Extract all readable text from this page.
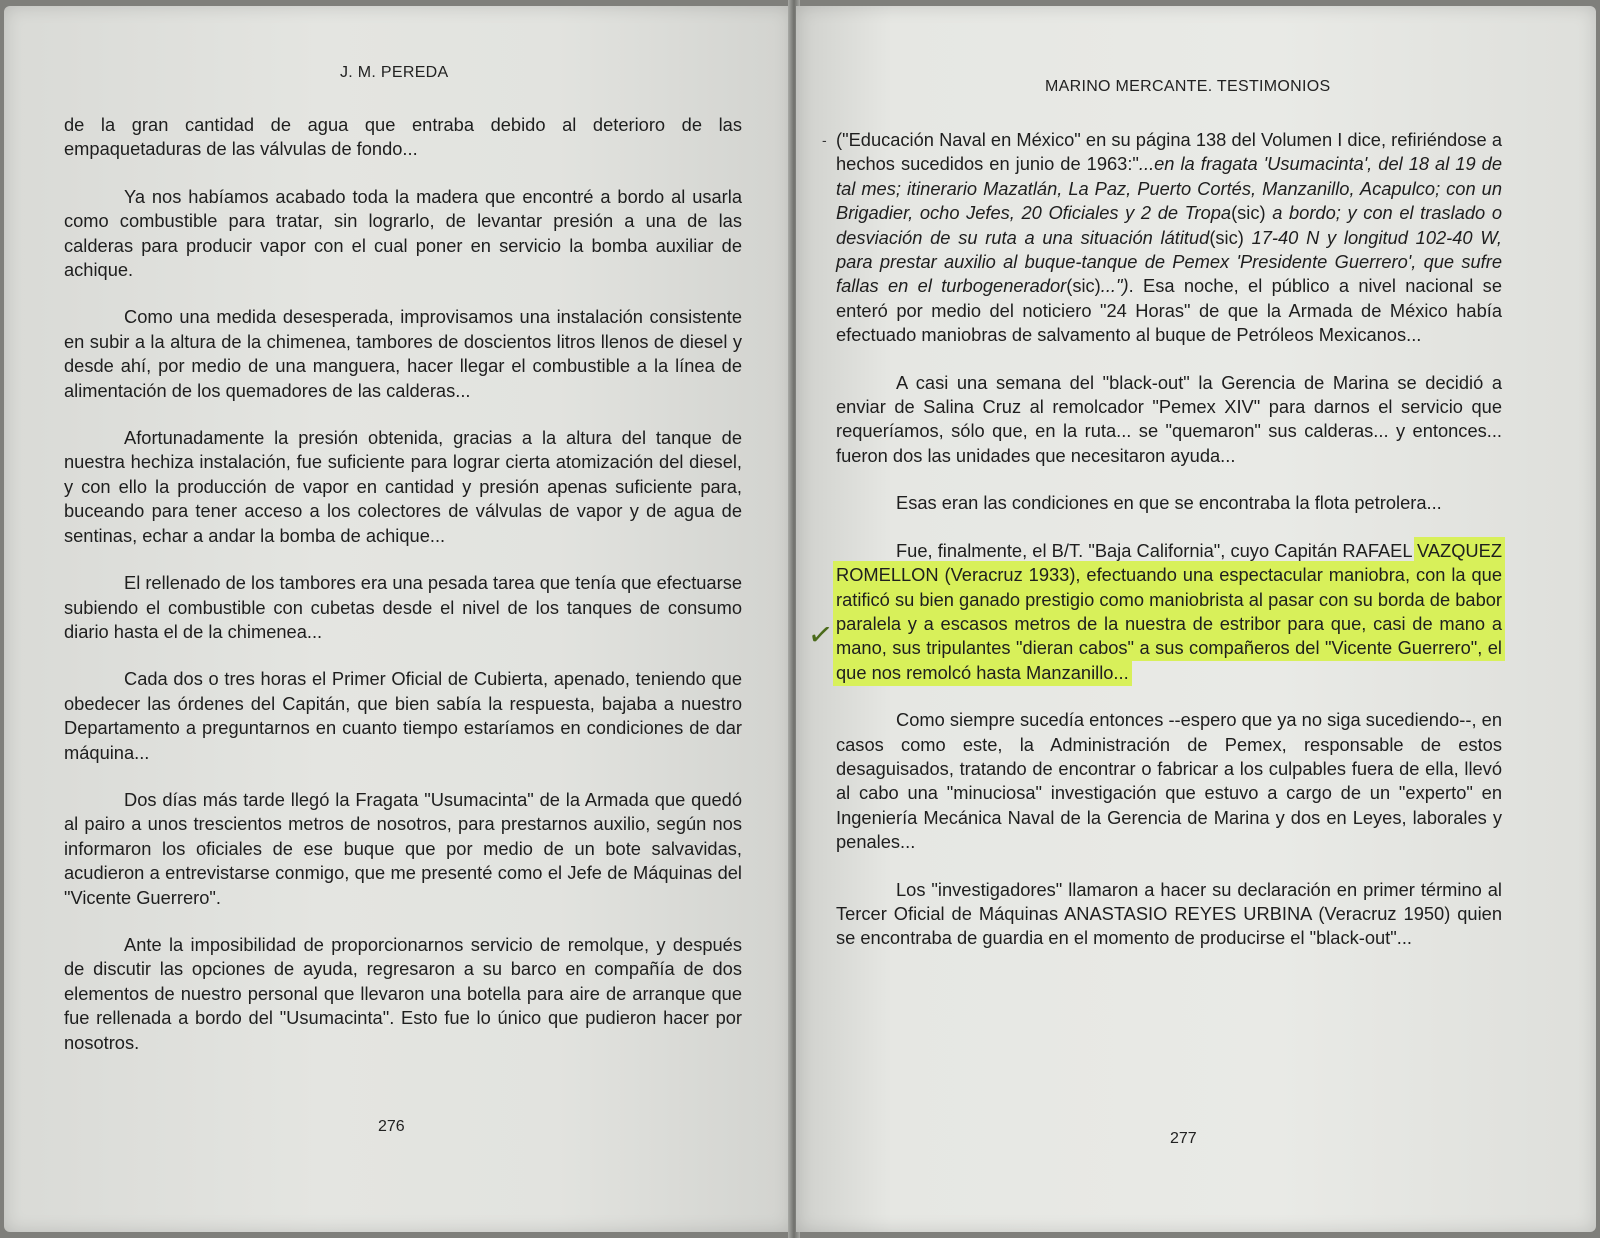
J. M. PEREDA

de la gran cantidad de agua que entraba debido al deterioro de las empaquetaduras de las válvulas de fondo...

Ya nos habíamos acabado toda la madera que encontré a bordo al usarla como combustible para tratar, sin lograrlo, de levantar presión a una de las calderas para producir vapor con el cual poner en servicio la bomba auxiliar de achique.

Como una medida desesperada, improvisamos una instalación consistente en subir a la altura de la chimenea, tambores de doscientos litros llenos de diesel y desde ahí, por medio de una manguera, hacer llegar el combustible a la línea de alimentación de los quemadores de las calderas...

Afortunadamente la presión obtenida, gracias a la altura del tanque de nuestra hechiza instalación, fue suficiente para lograr cierta atomización del diesel, y con ello la producción de vapor en cantidad y presión apenas suficiente para, buceando para tener acceso a los colectores de válvulas de vapor y de agua de sentinas, echar a andar la bomba de achique...

El rellenado de los tambores era una pesada tarea que tenía que efectuarse subiendo el combustible con cubetas desde el nivel de los tanques de consumo diario hasta el de la chimenea...

Cada dos o tres horas el Primer Oficial de Cubierta, apenado, teniendo que obedecer las órdenes del Capitán, que bien sabía la respuesta, bajaba a nuestro Departamento a preguntarnos en cuanto tiempo estaríamos en condiciones de dar máquina...

Dos días más tarde llegó la Fragata "Usumacinta" de la Armada que quedó al pairo a unos trescientos metros de nosotros, para prestarnos auxilio, según nos informaron los oficiales de ese buque que por medio de un bote salvavidas, acudieron a entrevistarse conmigo, que me presenté como el Jefe de Máquinas del "Vicente Guerrero".

Ante la imposibilidad de proporcionarnos servicio de remolque, y después de discutir las opciones de ayuda, regresaron a su barco en compañía de dos elementos de nuestro personal que llevaron una botella para aire de arranque que fue rellenada a bordo del "Usumacinta". Esto fue lo único que pudieron hacer por nosotros.

276
MARINO MERCANTE. TESTIMONIOS
- ("Educación Naval en México" en su página 138 del Volumen I dice, refiriéndose a hechos sucedidos en junio de 1963:"...en la fragata 'Usumacinta', del 18 al 19 de tal mes; itinerario Mazatlán, La Paz, Puerto Cortés, Manzanillo, Acapulco; con un Brigadier, ocho Jefes, 20 Oficiales y 2 de Tropa(sic) a bordo; y con el traslado o desviación de su ruta a una situación látitud(sic) 17-40 N y longitud 102-40 W, para prestar auxilio al buque-tanque de Pemex 'Presidente Guerrero', que sufre fallas en el turbogenerador(sic)..."). Esa noche, el público a nivel nacional se enteró por medio del noticiero "24 Horas" de que la Armada de México había efectuado maniobras de salvamento al buque de Petróleos Mexicanos...

A casi una semana del "black-out" la Gerencia de Marina se decidió a enviar de Salina Cruz al remolcador "Pemex XIV" para darnos el servicio que requeríamos, sólo que, en la ruta... se "quemaron" sus calderas... y entonces... fueron dos las unidades que necesitaron ayuda...

Esas eran las condiciones en que se encontraba la flota petrolera...

Fue, finalmente, el B/T. "Baja California", cuyo Capitán RAFAEL VAZQUEZ ROMELLON (Veracruz 1933), efectuando una espectacular maniobra, con la que ratificó su bien ganado prestigio como maniobrista al pasar con su borda de babor paralela y a escasos metros de la nuestra de estribor para que, casi de mano a mano, sus tripulantes "dieran cabos" a sus compañeros del "Vicente Guerrero", el que nos remolcó hasta Manzanillo...

Como siempre sucedía entonces --espero que ya no siga sucediendo--, en casos como este, la Administración de Pemex, responsable de estos desaguisados, tratando de encontrar o fabricar a los culpables fuera de ella, llevó al cabo una "minuciosa" investigación que estuvo a cargo de un "experto" en Ingeniería Mecánica Naval de la Gerencia de Marina y dos en Leyes, laborales y penales...

Los "investigadores" llamaron a hacer su declaración en primer término al Tercer Oficial de Máquinas ANASTASIO REYES URBINA (Veracruz 1950) quien se encontraba de guardia en el momento de producirse el "black-out"...

277
✓
